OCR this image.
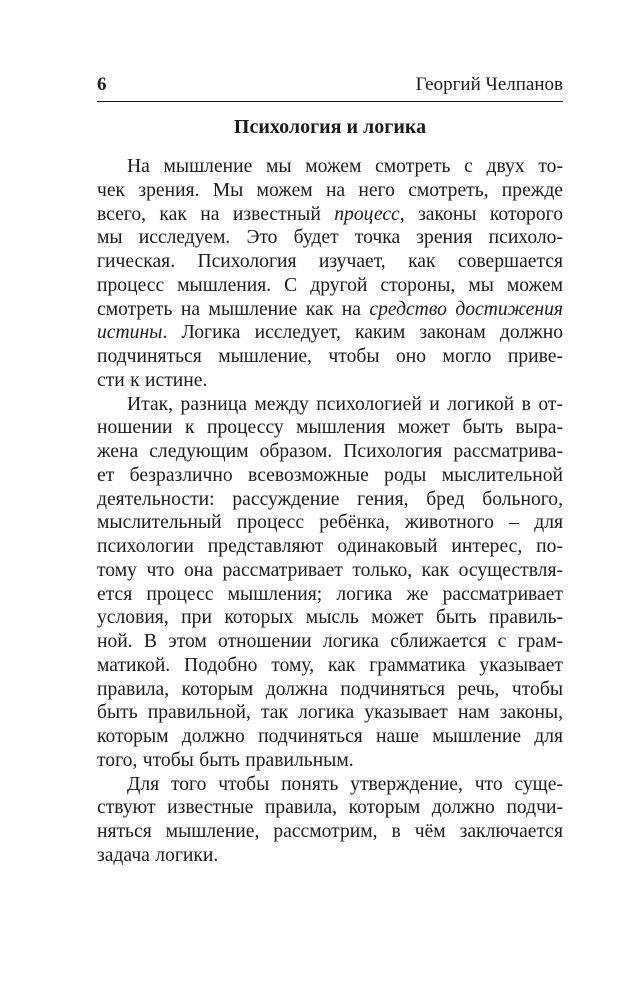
6	Георгий Челпанов
Психология и логика
На мышление мы можем смотреть с двух то-
чек зрения. Мы можем на него смотреть, прежде
всего, как на известный процесс, законы которого
мы исследуем. Это будет точка зрения психоло-
гическая. Психология изучает, как совершается
процесс мышления. С другой стороны, мы можем
смотреть на мышление как на средство достижения
истины. Логика исследует, каким законам должно
подчиняться мышление, чтобы оно могло приве-
сти к истине.
Итак, разница между психологией и логикой в от-
ношении к процессу мышления может быть выра-
жена следующим образом. Психология рассматрива-
ет безразлично всевозможные роды мыслительной
деятельности: рассуждение гения, бред больного,
мыслительный процесс ребёнка, животного – для
психологии представляют одинаковый интерес, по-
тому что она рассматривает только, как осуществля-
ется процесс мышления; логика же рассматривает
условия, при которых мысль может быть правиль-
ной. В этом отношении логика сближается с грам-
матикой. Подобно тому, как грамматика указывает
правила, которым должна подчиняться речь, чтобы
быть правильной, так логика указывает нам законы,
которым должно подчиняться наше мышление для
того, чтобы быть правильным.
Для того чтобы понять утверждение, что суще-
ствуют известные правила, которым должно подчи-
няться мышление, рассмотрим, в чём заключается
задача логики.
